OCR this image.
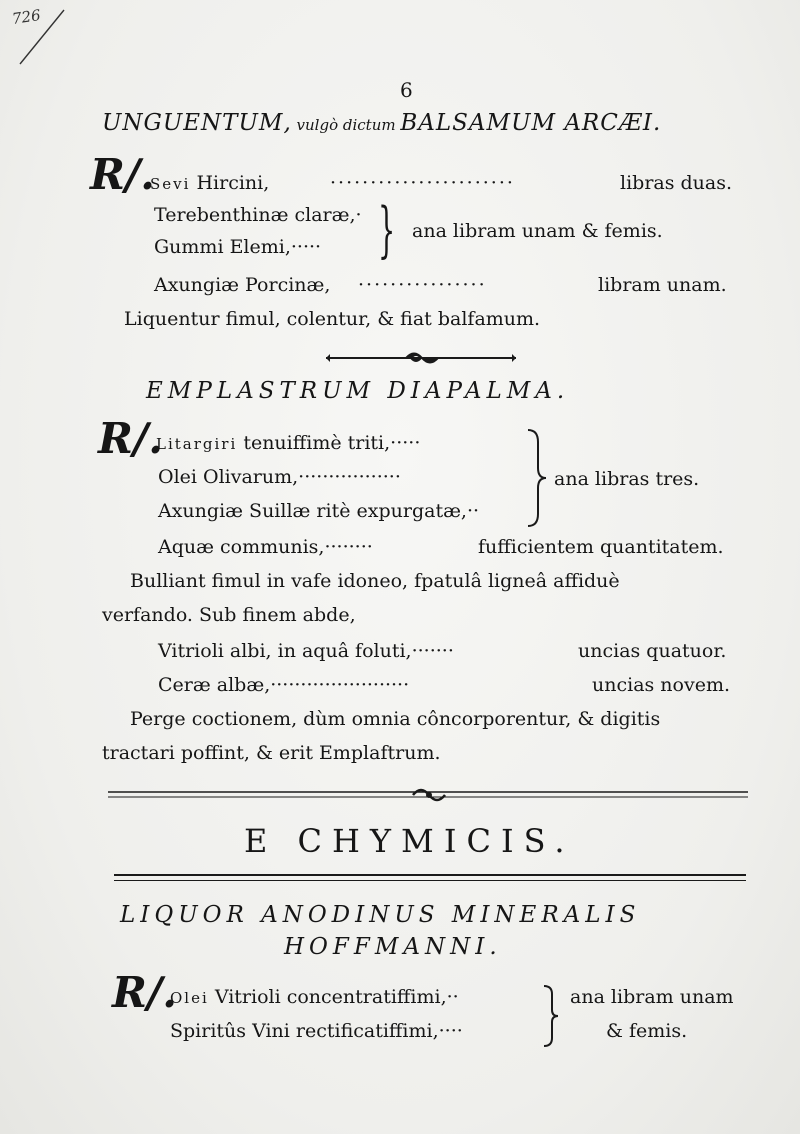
726
6
UNGUENTUM, vulgò dictum BALSAMUM ARCÆI.
R/.
Sevi Hircini,	·······················	libras duas.
Terebenthinæ claræ,·
Gummi Elemi,····· } ana libram unam & femis.
Axungiæ Porcinæ, ················	libram unam.
Liquentur fimul, colentur, & fiat balfamum.
EMPLASTRUM DIAPALMA.
R/.
Litargiri tenuiffimè triti,·····
Olei Olivarum,·················
Axungiæ Suillæ ritè expurgatæ,··
ana libras tres.
Aquæ communis,········	fufficientem quantitatem.
Bulliant fimul in vafe idoneo, fpatulâ ligneâ affiduè
verfando. Sub finem abde,
Vitrioli albi, in aquâ foluti,·······	uncias quatuor.
Ceræ albæ,·······················	uncias novem.
Perge coctionem, dùm omnia côncorporentur, & digitis
tractari poffint, & erit Emplaftrum.
E CHYMICIS.
LIQUOR ANODINUS MINERALIS
HOFFMANNI.
R/.
Olei Vitrioli concentratiffimi,··
Spiritûs Vini rectificatiffimi,····
ana libram unam
& femis.
